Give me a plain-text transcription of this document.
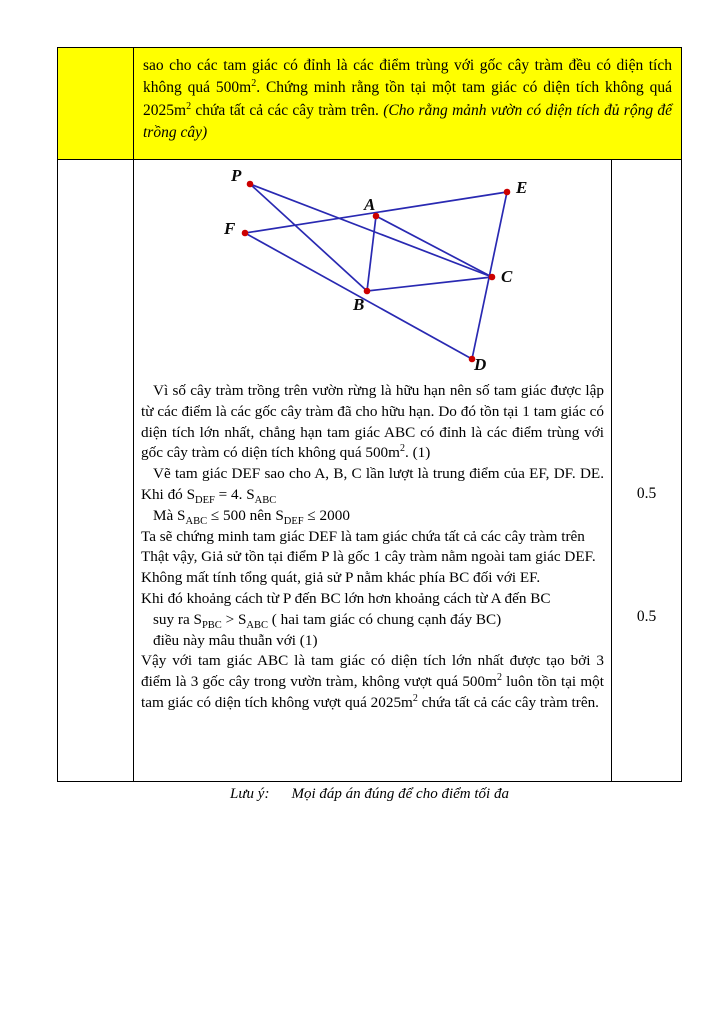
sao cho các tam giác có đỉnh là các điểm trùng với gốc cây tràm đều có diện tích không quá $500m^2$. Chứng minh rằng tồn tại một tam giác có diện tích không quá $2025m^2$ chứa tất cả các cây tràm trên. (Cho rằng mảnh vườn có diện tích đủ rộng để trồng cây)

P
E
A
F
C
B
D

Vì số cây tràm trồng trên vườn rừng là hữu hạn nên số tam giác được lập từ các điểm là các gốc cây tràm đã cho hữu hạn. Do đó tồn tại 1 tam giác có diện tích lớn nhất, chẳng hạn tam giác ABC có đỉnh là các điểm trùng với gốc cây tràm có diện tích không quá $500m^2$. (1)

Vẽ tam giác DEF sao cho A, B, C lần lượt là trung điểm của EF, DF. DE. Khi đó $S_{DEF} = 4$. $S_{ABC}$

Mà $S_{ABC} \le 500$ nên $S_{DEF} \le 2000$

Ta sẽ chứng minh tam giác DEF là tam giác chứa tất cả các cây tràm trên

Thật vậy, Giả sử tồn tại điểm P là gốc 1 cây tràm nằm ngoài tam giác DEF.

Không mất tính tổng quát, giả sử P nằm khác phía BC đối với EF.

Khi đó khoảng cách từ P đến BC lớn hơn khoảng cách từ A đến BC

suy ra $S_{PBC} > S_{ABC}$ ( hai tam giác có chung cạnh đáy BC)

điều này mâu thuẫn với (1)

Vậy với tam giác ABC là tam giác có diện tích lớn nhất được tạo bởi 3 điểm là 3 gốc cây trong vườn tràm, không vượt quá $500m^2$ luôn tồn tại một tam giác có diện tích không vượt quá $2025m^2$ chứa tất cả các cây tràm trên.

0.5
0.5
Lưu ý: Mọi đáp án đúng để cho điểm tối đa
